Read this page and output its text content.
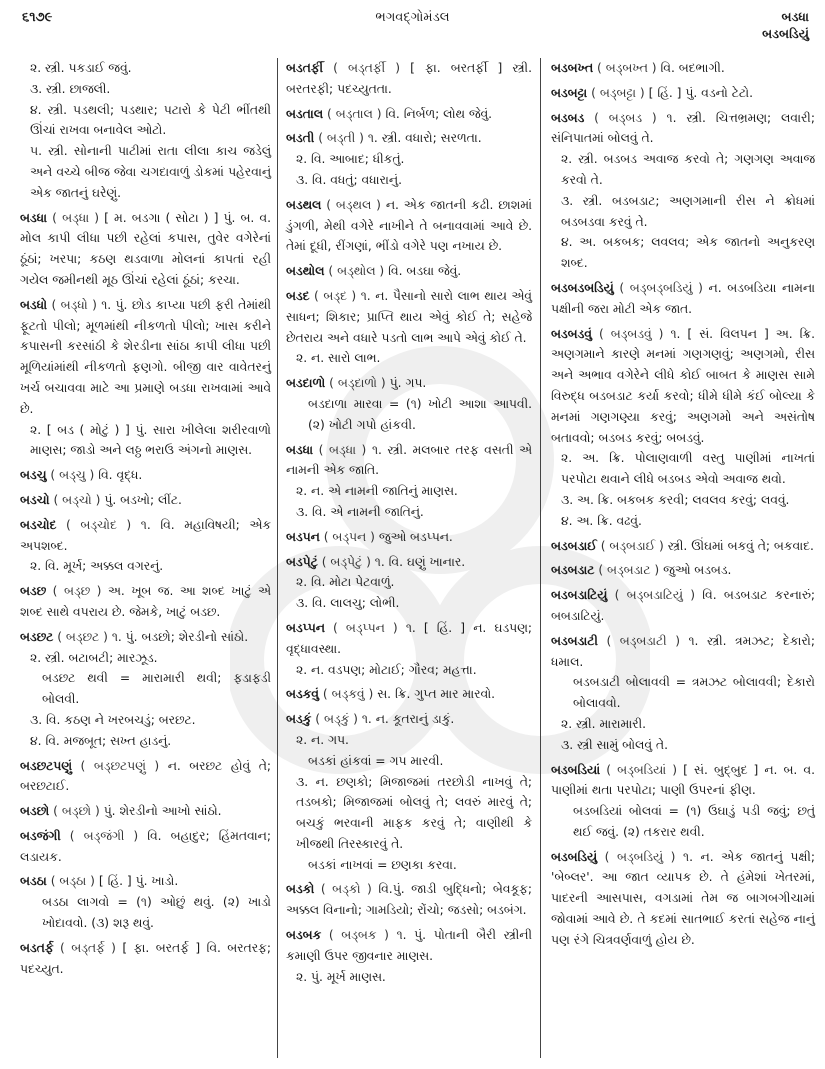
૬૧૭૯	ભગવદ્ગોમંડલ	બડધા
બડબડિયું

૨. સ્ત્રી. પકડાઈ જવું.

૩. સ્ત્રી. છાજલી.

૪. સ્ત્રી. પડથલી; પડથાર; પટારો કે પેટી ભીંતથી ઊંચાં રાખવા બનાવેલ ઓટો.

૫. સ્ત્રી. સોનાની પાટીમાં રાતા લીલા કાચ જડેલું અને વચ્ચે બીજ જેવા ચગદાવાળું ડોકમાં પહેરવાનું એક જાતનું ઘરેણું.

બડધા ( બડ્ધા ) [ મ. બડગા ( સોટા ) ] પું. બ. વ. મોલ કાપી લીધા પછી રહેલાં કપાસ, તુવેર વગેરેનાં ઠૂંઠાં; ખરપા; કઠણ થડવાળા મોલનાં કાપતાં રહી ગયેલ જમીનથી મૂઠ ઊંચાં રહેલાં ઠૂંઠાં; કરચા.

બડધો ( બડ્ધો ) ૧. પું. છોડ કાપ્યા પછી ફરી તેમાંથી ફૂટતો પીલો; મૂળમાંથી નીકળતો પીલો; ખાસ કરીને કપાસની કરસાંઠી કે શેરડીના સાંઠા કાપી લીધા પછી મૂળિયાંમાંથી નીકળતો ફણગો. બીજી વાર વાવેતરનું ખર્ચ બચાવવા માટે આ પ્રમાણે બડધા રાખવામાં આવે છે.

૨. [ બડ ( મોટું ) ] પું. સારા ખીલેલા શરીરવાળો માણસ; જાડો અને લઠ્ઠ ભરાઉ અંગનો માણસ.

બડચુ ( બડ્ચુ ) વિ. વૃદ્ધ.

બડચો ( બડ્ચો ) પું. બડખો; લીંટ.

બડચોદ ( બડ્ચોદ ) ૧. વિ. મહાવિષયી; એક અપશબ્દ.

૨. વિ. મૂર્ખ; અક્કલ વગરનું.

બડછ ( બડ્છ ) અ. ખૂબ જ. આ શબ્દ ખાટું એ શબ્દ સાથે વપરાય છે. જેમકે, ખાટું બડછ.

બડછટ ( બડ્છટ ) ૧. પું. બડછો; શેરડીનો સાંઠો.

૨. સ્ત્રી. બટાબટી; મારઝૂડ.

બડછટ થવી = મારામારી થવી; ફડાફડી બોલવી.

૩. વિ. કઠણ ને ખરબચડું; બરછટ.

૪. વિ. મજબૂત; સખ્ત હાડનું.

બડછટપણું ( બડ્છટપણું ) ન. બરછટ હોવું તે; બરછટાઈ.

બડછો ( બડ્છો ) પું. શેરડીનો આખો સાંઠો.

બડજંગી ( બડ્જંગી ) વિ. બહાદુર; હિંમતવાન; લડાયક.

બડઠા ( બડ્ઠા ) [ હિં. ] પું. ખાડો.

બડઠા લાગવો = (૧) ઓછું થવું. (૨) ખાડો ખોદાવવો. (૩) શરૂ થવું.

બડતર્ફ ( બડ્તર્ફ ) [ ફા. બરતર્ફ ] વિ. બરતરફ; પદચ્યુત.

બડતર્ફી ( બડ્તર્ફી ) [ ફા. બરતર્ફી ] સ્ત્રી. બરતરફી; પદચ્યુતતા.

બડતાલ ( બડ્તાલ ) વિ. નિર્બળ; લોથ જેવું.

બડતી ( બડ્તી ) ૧. સ્ત્રી. વધારો; સરળતા.

૨. વિ. આબાદ; ધીકતું.

૩. વિ. વધતું; વધારાનું.

બડથલ ( બડ્થલ ) ન. એક જાતની કઢી. છાશમાં ડુંગળી, મેથી વગેરે નાખીને તે બનાવવામાં આવે છે. તેમાં દૂધી, રીંગણાં, ભીંડો વગેરે પણ નખાય છે.

બડથોલ ( બડ્થોલ ) વિ. બડઘા જેવું.

બડદ ( બડ્દ ) ૧. ન. પૈસાનો સારો લાભ થાય એવું સાધન; શિકાર; પ્રાપ્તિ થાય એવું કોઈ તે; સહેજે છેતરાય અને વધારે પડતો લાભ આપે એવું કોઈ તે.

૨. ન. સારો લાભ.

બડદાળો ( બડ્દાળો ) પું. ગપ.

બડદાળા મારવા = (૧) ખોટી આશા આપવી. (૨) ખોટી ગપો હાંકવી.

બડધા ( બડ્ધા ) ૧. સ્ત્રી. મલબાર તરફ વસતી એ નામની એક જાતિ.

૨. ન. એ નામની જાતિનું માણસ.

૩. વિ. એ નામની જાતિનું.

બડપન ( બડ્પન ) જુઓ બડપ્પન.

બડપેટું ( બડ્પેટું ) ૧. વિ. ઘણું ખાનાર.

૨. વિ. મોટા પેટવાળું.

૩. વિ. લાલચુ; લોભી.

બડપ્પન ( બડ્પ્પન ) ૧. [ હિં. ] ન. ઘડપણ; વૃદ્ધાવસ્થા.

૨. ન. વડપણ; મોટાઈ; ગૌરવ; મહત્તા.

બડકવું ( બડ્કવું ) સ. ક્રિ. ગુપ્ત માર મારવો.

બડકું ( બડ્કું ) ૧. ન. કૂતરાનું ડાકું.

૨. ન. ગપ.

બડકાં હાંકવાં = ગપ મારવી.

૩. ન. છણકો; મિજાજમાં તરછોડી નાખવું તે; તડબકો; મિજાજમાં બોલવું તે; લવરું મારવું તે; બચકું ભરવાની માફક કરવું તે; વાણીથી કે ખીજથી તિરસ્કારવું તે.

બડકાં નાખવાં = છણકા કરવા.

બડકો ( બડ્કો ) વિ.પું. જાડી બુદ્ધિનો; બેવકૂફ; અક્કલ વિનાનો; ગામડિયો; રોંચો; જડસો; બડબંગ.

બડબક ( બડ્બક ) ૧. પું. પોતાની બૈરી સ્ત્રીની કમાણી ઉપર જીવનાર માણસ.

૨. પું. મૂર્ખ માણસ.

બડબખ્ત ( બડ્બખ્ત ) વિ. બદભાગી.

બડબટ્ટા ( બડ્બટ્ટા ) [ હિં. ] પું. વડનો ટેટો.

બડબડ ( બડ્બડ ) ૧. સ્ત્રી. ચિત્તભ્રમણ; લવારી; સંનિપાતમાં બોલવું તે.

૨. સ્ત્રી. બડબડ અવાજ કરવો તે; ગણગણ અવાજ કરવો તે.

૩. સ્ત્રી. બડબડાટ; અણગમાની રીસ ને ક્રોધમાં બડબડવા કરવું તે.

૪. અ. બકબક; લવલવ; એક જાતનો અનુકરણ શબ્દ.

બડબડબડિયું ( બડ્બડ્બડિયું ) ન. બડબડિયા નામના પક્ષીની જરા મોટી એક જાત.

બડબડવું ( બડ્બડવું ) ૧. [ સં. વિલપન ] અ. ક્રિ. અણગમાને કારણે મનમાં ગણગણવું; અણગમો, રીસ અને અભાવ વગેરેને લીધે કોઈ બાબત કે માણસ સામે વિરુદ્ધ બડબડાટ કર્યા કરવો; ધીમે ધીમે કંઈ બોલ્યા કે મનમાં ગણગણ્યા કરવું; અણગમો અને અસંતોષ બતાવવો; બડબડ કરવું; બબડવું.

૨. અ. ક્રિ. પોલાણવાળી વસ્તુ પાણીમાં નાખતાં પરપોટા થવાને લીધે બડબડ એવો અવાજ થવો.

૩. અ. ક્રિ. બકબક કરવી; લવલવ કરવું; લવવું.

૪. અ. ક્રિ. વઢવું.

બડબડાઈ ( બડ્બડાઈ ) સ્ત્રી. ઊંઘમાં બકવું તે; બકવાદ.

બડબડાટ ( બડ્બડાટ ) જુઓ બડબડ.

બડબડાટિયું ( બડ્બડાટિયું ) વિ. બડબડાટ કરનારું; બબડાટિયું.

બડબડાટી ( બડ્બડાટી ) ૧. સ્ત્રી. ત્રમઝટ; દેકારો; ધમાલ.

બડબડાટી બોલાવવી = ત્રમઝટ બોલાવવી; દેકારો બોલાવવો.

૨. સ્ત્રી. મારામારી.

૩. સ્ત્રી સામું બોલવું તે.

બડબડિયાં ( બડ્બડિયાં ) [ સં. બુદ્બુદ ] ન. બ. વ. પાણીમાં થતા પરપોટા; પાણી ઉપરનાં ફીણ.

બડબડિયાં બોલવાં = (૧) ઉઘાડું પડી જવું; છતું થઈ જવું. (૨) તકરાર થવી.

બડબડિયું ( બડ્બડિયું ) ૧. ન. એક જાતનું પક્ષી; 'બેબ્લર'. આ જાત વ્યાપક છે. તે હંમેશાં ખેતરમાં, પાદરની આસપાસ, વગડામાં તેમ જ બાગબગીચામાં જોવામાં આવે છે. તે કદમાં સાતભાઈ કરતાં સહેજ નાનું પણ રંગે ચિત્રવર્ણવાળું હોય છે.
